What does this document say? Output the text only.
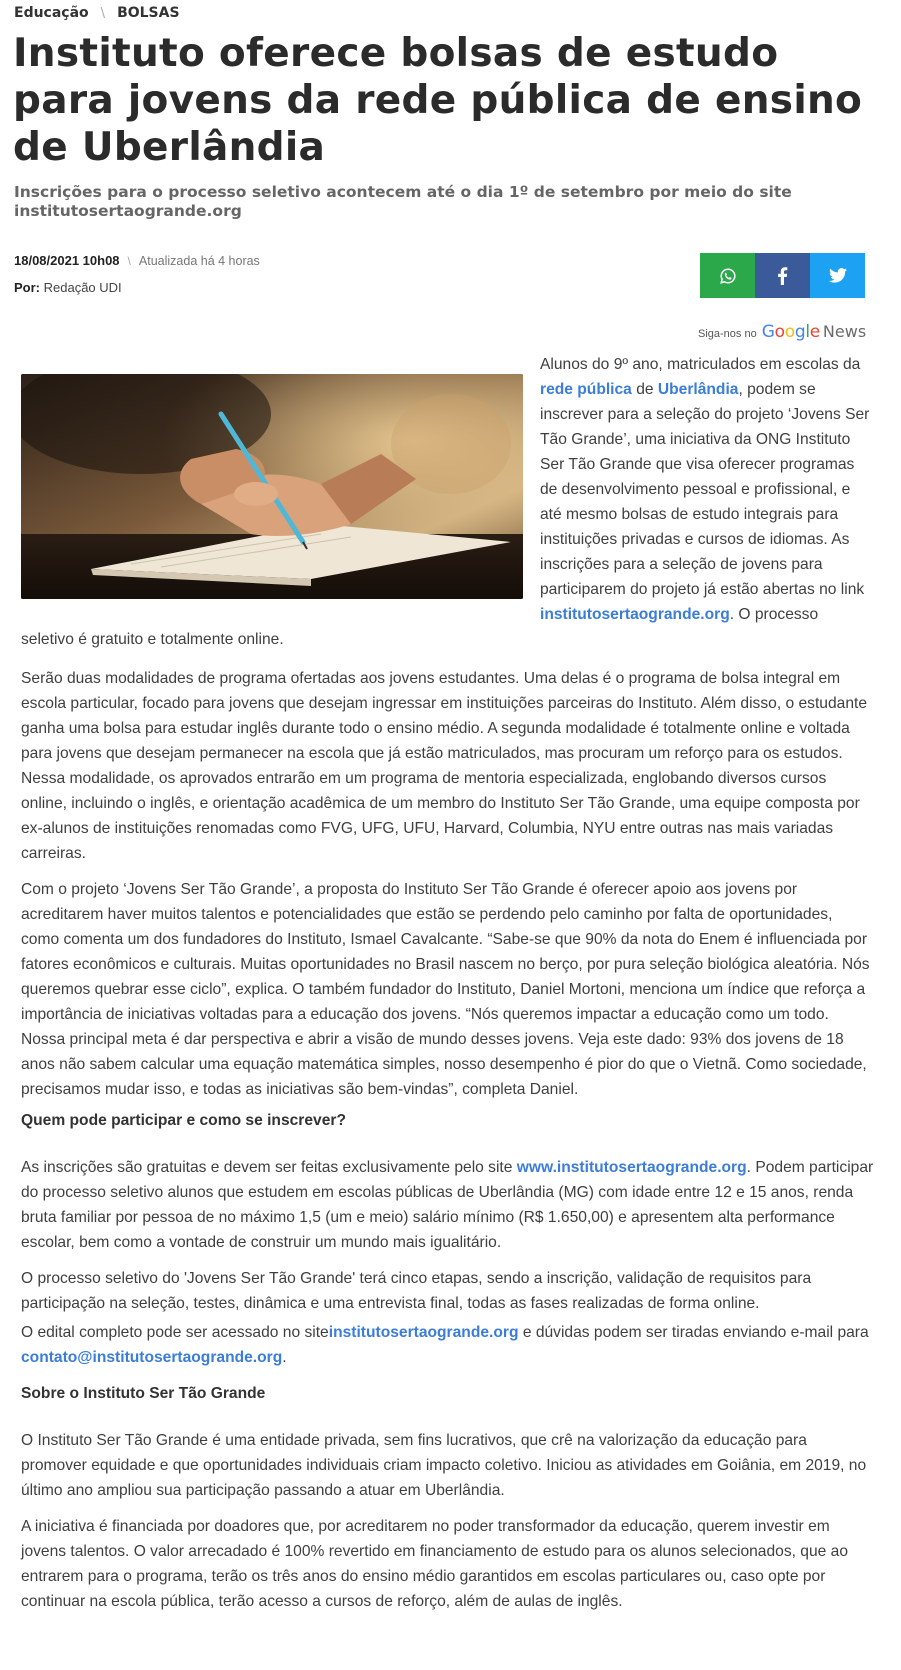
Educação \ BOLSAS
Instituto oferece bolsas de estudo para jovens da rede pública de ensino de Uberlândia
Inscrições para o processo seletivo acontecem até o dia 1º de setembro por meio do site institutosertaogrande.org
18/08/2021 10h08 \ Atualizada há 4 horas
Por: Redação UDI
Siga-nos no Google News

Alunos do 9º ano, matriculados em escolas da rede pública de Uberlândia, podem se inscrever para a seleção do projeto ‘Jovens Ser Tão Grande’, uma iniciativa da ONG Instituto Ser Tão Grande que visa oferecer programas de desenvolvimento pessoal e profissional, e até mesmo bolsas de estudo integrais para instituições privadas e cursos de idiomas. As inscrições para a seleção de jovens para participarem do projeto já estão abertas no link institutosertaogrande.org. O processo seletivo é gratuito e totalmente online.

Serão duas modalidades de programa ofertadas aos jovens estudantes. Uma delas é o programa de bolsa integral em escola particular, focado para jovens que desejam ingressar em instituições parceiras do Instituto. Além disso, o estudante ganha uma bolsa para estudar inglês durante todo o ensino médio. A segunda modalidade é totalmente online e voltada para jovens que desejam permanecer na escola que já estão matriculados, mas procuram um reforço para os estudos. Nessa modalidade, os aprovados entrarão em um programa de mentoria especializada, englobando diversos cursos online, incluindo o inglês, e orientação acadêmica de um membro do Instituto Ser Tão Grande, uma equipe composta por ex-alunos de instituições renomadas como FVG, UFG, UFU, Harvard, Columbia, NYU entre outras nas mais variadas carreiras.

Com o projeto ‘Jovens Ser Tão Grande’, a proposta do Instituto Ser Tão Grande é oferecer apoio aos jovens por acreditarem haver muitos talentos e potencialidades que estão se perdendo pelo caminho por falta de oportunidades, como comenta um dos fundadores do Instituto, Ismael Cavalcante. “Sabe-se que 90% da nota do Enem é influenciada por fatores econômicos e culturais. Muitas oportunidades no Brasil nascem no berço, por pura seleção biológica aleatória. Nós queremos quebrar esse ciclo”, explica. O também fundador do Instituto, Daniel Mortoni, menciona um índice que reforça a importância de iniciativas voltadas para a educação dos jovens. “Nós queremos impactar a educação como um todo. Nossa principal meta é dar perspectiva e abrir a visão de mundo desses jovens. Veja este dado: 93% dos jovens de 18 anos não sabem calcular uma equação matemática simples, nosso desempenho é pior do que o Vietnã. Como sociedade, precisamos mudar isso, e todas as iniciativas são bem-vindas”, completa Daniel.

Quem pode participar e como se inscrever?

As inscrições são gratuitas e devem ser feitas exclusivamente pelo site www.institutosertaogrande.org. Podem participar do processo seletivo alunos que estudem em escolas públicas de Uberlândia (MG) com idade entre 12 e 15 anos, renda bruta familiar por pessoa de no máximo 1,5 (um e meio) salário mínimo (R$ 1.650,00) e apresentem alta performance escolar, bem como a vontade de construir um mundo mais igualitário.

O processo seletivo do 'Jovens Ser Tão Grande' terá cinco etapas, sendo a inscrição, validação de requisitos para participação na seleção, testes, dinâmica e uma entrevista final, todas as fases realizadas de forma online.

O edital completo pode ser acessado no siteinstitutosertaogrande.org e dúvidas podem ser tiradas enviando e-mail para contato@institutosertaogrande.org.

Sobre o Instituto Ser Tão Grande

O Instituto Ser Tão Grande é uma entidade privada, sem fins lucrativos, que crê na valorização da educação para promover equidade e que oportunidades individuais criam impacto coletivo. Iniciou as atividades em Goiânia, em 2019, no último ano ampliou sua participação passando a atuar em Uberlândia.

A iniciativa é financiada por doadores que, por acreditarem no poder transformador da educação, querem investir em jovens talentos. O valor arrecadado é 100% revertido em financiamento de estudo para os alunos selecionados, que ao entrarem para o programa, terão os três anos do ensino médio garantidos em escolas particulares ou, caso opte por continuar na escola pública, terão acesso a cursos de reforço, além de aulas de inglês.
